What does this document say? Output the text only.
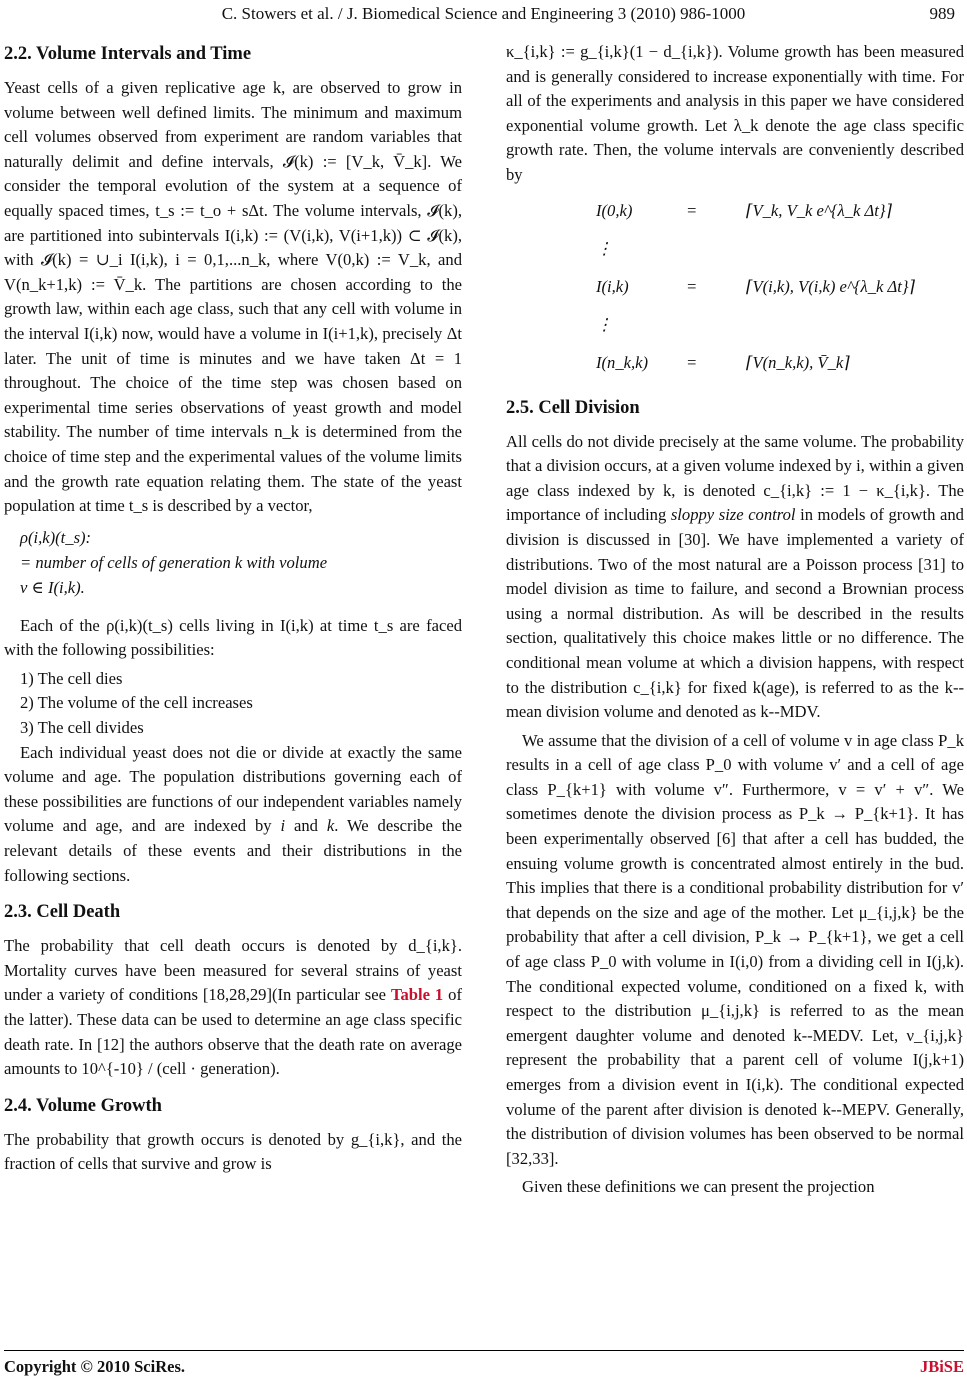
C. Stowers et al. / J. Biomedical Science and Engineering 3 (2010) 986-1000	989
2.2. Volume Intervals and Time

Yeast cells of a given replicative age k, are observed to grow in volume between well defined limits. The minimum and maximum cell volumes observed from experiment are random variables that naturally delimit and define intervals, 𝓘(k) := [V_k, V̄_k]. We consider the temporal evolution of the system at a sequence of equally spaced times, t_s := t_o + sΔt. The volume intervals, 𝓘(k), are partitioned into subintervals I(i,k) := (V(i,k), V(i+1,k)) ⊂ 𝓘(k), with 𝓘(k) = ∪_i I(i,k), i = 0,1,...n_k, where V(0,k) := V_k, and V(n_k+1,k) := V̄_k. The partitions are chosen according to the growth law, within each age class, such that any cell with volume in the interval I(i,k) now, would have a volume in I(i+1,k), precisely Δt later. The unit of time is minutes and we have taken Δt = 1 throughout. The choice of the time step was chosen based on experimental time series observations of yeast growth and model stability. The number of time intervals n_k is determined from the choice of time step and the experimental values of the volume limits and the growth rate equation relating them. The state of the yeast population at time t_s is described by a vector,

ρ(i,k)(t_s):
= number of cells of generation k with volume
v ∈ I(i,k).

Each of the ρ(i,k)(t_s) cells living in I(i,k) at time t_s are faced with the following possibilities:

1) The cell dies

2) The volume of the cell increases

3) The cell divides

Each individual yeast does not die or divide at exactly the same volume and age. The population distributions governing each of these possibilities are functions of our independent variables namely volume and age, and are indexed by i and k. We describe the relevant details of these events and their distributions in the following sections.

2.3. Cell Death

The probability that cell death occurs is denoted by d_{i,k}. Mortality curves have been measured for several strains of yeast under a variety of conditions [18,28,29](In particular see Table 1 of the latter). These data can be used to determine an age class specific death rate. In [12] the authors observe that the death rate on average amounts to 10^{-10} / (cell · generation).

2.4. Volume Growth

The probability that growth occurs is denoted by g_{i,k}, and the fraction of cells that survive and grow is

κ_{i,k} := g_{i,k}(1 − d_{i,k}). Volume growth has been measured and is generally considered to increase exponentially with time. For all of the experiments and analysis in this paper we have considered exponential volume growth. Let λ_k denote the age class specific growth rate. Then, the volume intervals are conveniently described by

I(0,k)	=	⌈V_k, V_k e^{λ_k Δt}⌉
⋮
I(i,k)	=	⌈V(i,k), V(i,k) e^{λ_k Δt}⌉
⋮
I(n_k,k)	=	⌈V(n_k,k), V̄_k⌉
2.5. Cell Division

All cells do not divide precisely at the same volume. The probability that a division occurs, at a given volume indexed by i, within a given age class indexed by k, is denoted c_{i,k} := 1 − κ_{i,k}. The importance of including sloppy size control in models of growth and division is discussed in [30]. We have implemented a variety of distributions. Two of the most natural are a Poisson process [31] to model division as time to failure, and second a Brownian process using a normal distribution. As will be described in the results section, qualitatively this choice makes little or no difference. The conditional mean volume at which a division happens, with respect to the distribution c_{i,k} for fixed k(age), is referred to as the k--mean division volume and denoted as k--MDV.

We assume that the division of a cell of volume v in age class P_k results in a cell of age class P_0 with volume v′ and a cell of age class P_{k+1} with volume v″. Furthermore, v = v′ + v″. We sometimes denote the division process as P_k → P_{k+1}. It has been experimentally observed [6] that after a cell has budded, the ensuing volume growth is concentrated almost entirely in the bud. This implies that there is a conditional probability distribution for v′ that depends on the size and age of the mother. Let μ_{i,j,k} be the probability that after a cell division, P_k → P_{k+1}, we get a cell of age class P_0 with volume in I(i,0) from a dividing cell in I(j,k). The conditional expected volume, conditioned on a fixed k, with respect to the distribution μ_{i,j,k} is referred to as the mean emergent daughter volume and denoted k--MEDV. Let, ν_{i,j,k} represent the probability that a parent cell of volume I(j,k+1) emerges from a division event in I(i,k). The conditional expected volume of the parent after division is denoted k--MEPV. Generally, the distribution of division volumes has been observed to be normal [32,33].

Given these definitions we can present the projection

Copyright © 2010 SciRes.	JBiSE
